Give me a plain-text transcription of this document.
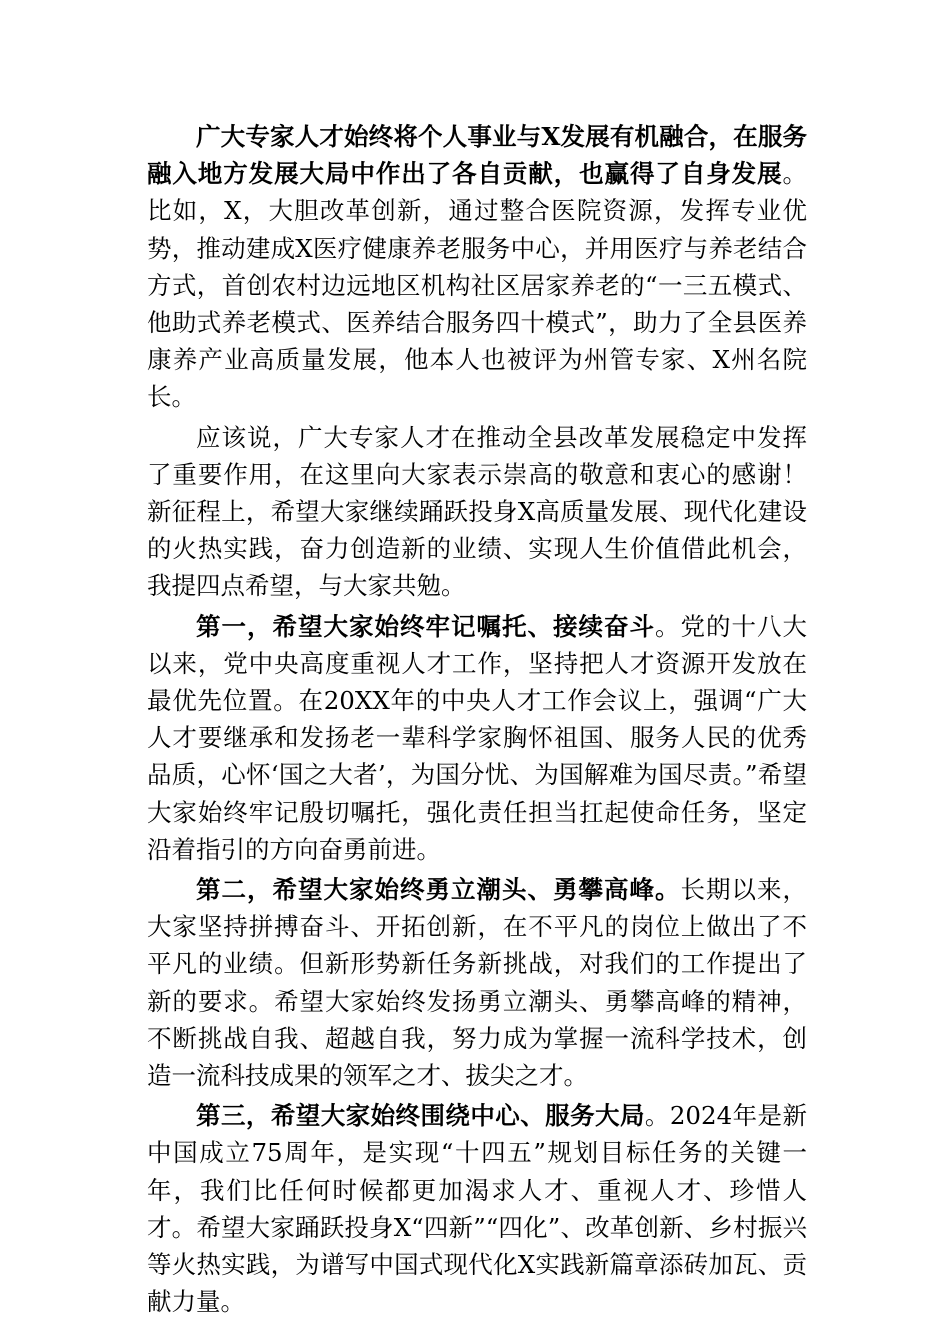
广大专家人才始终将个人事业与X发展有机融合，在服务融入地方发展大局中作出了各自贡献，也赢得了自身发展。比如，X，大胆改革创新，通过整合医院资源，发挥专业优势，推动建成X医疗健康养老服务中心，并用医疗与养老结合方式，首创农村边远地区机构社区居家养老的“一三五模式、他助式养老模式、医养结合服务四十模式”，助力了全县医养康养产业高质量发展，他本人也被评为州管专家、X州名院长。

应该说，广大专家人才在推动全县改革发展稳定中发挥了重要作用，在这里向大家表示崇高的敬意和衷心的感谢！新征程上，希望大家继续踊跃投身X高质量发展、现代化建设的火热实践，奋力创造新的业绩、实现人生价值借此机会，我提四点希望，与大家共勉。

第一，希望大家始终牢记嘱托、接续奋斗。党的十八大以来，党中央高度重视人才工作，坚持把人才资源开发放在最优先位置。在20XX年的中央人才工作会议上，强调“广大人才要继承和发扬老一辈科学家胸怀祖国、服务人民的优秀品质，心怀‘国之大者’，为国分忧、为国解难为国尽责。”希望大家始终牢记殷切嘱托，强化责任担当扛起使命任务，坚定沿着指引的方向奋勇前进。

第二，希望大家始终勇立潮头、勇攀高峰。长期以来，大家坚持拼搏奋斗、开拓创新，在不平凡的岗位上做出了不平凡的业绩。但新形势新任务新挑战，对我们的工作提出了新的要求。希望大家始终发扬勇立潮头、勇攀高峰的精神，不断挑战自我、超越自我，努力成为掌握一流科学技术，创造一流科技成果的领军之才、拔尖之才。

第三，希望大家始终围绕中心、服务大局。2024年是新中国成立75周年，是实现“十四五”规划目标任务的关键一年，我们比任何时候都更加渴求人才、重视人才、珍惜人才。希望大家踊跃投身X“四新”“四化”、改革创新、乡村振兴等火热实践，为谱写中国式现代化X实践新篇章添砖加瓦、贡献力量。
